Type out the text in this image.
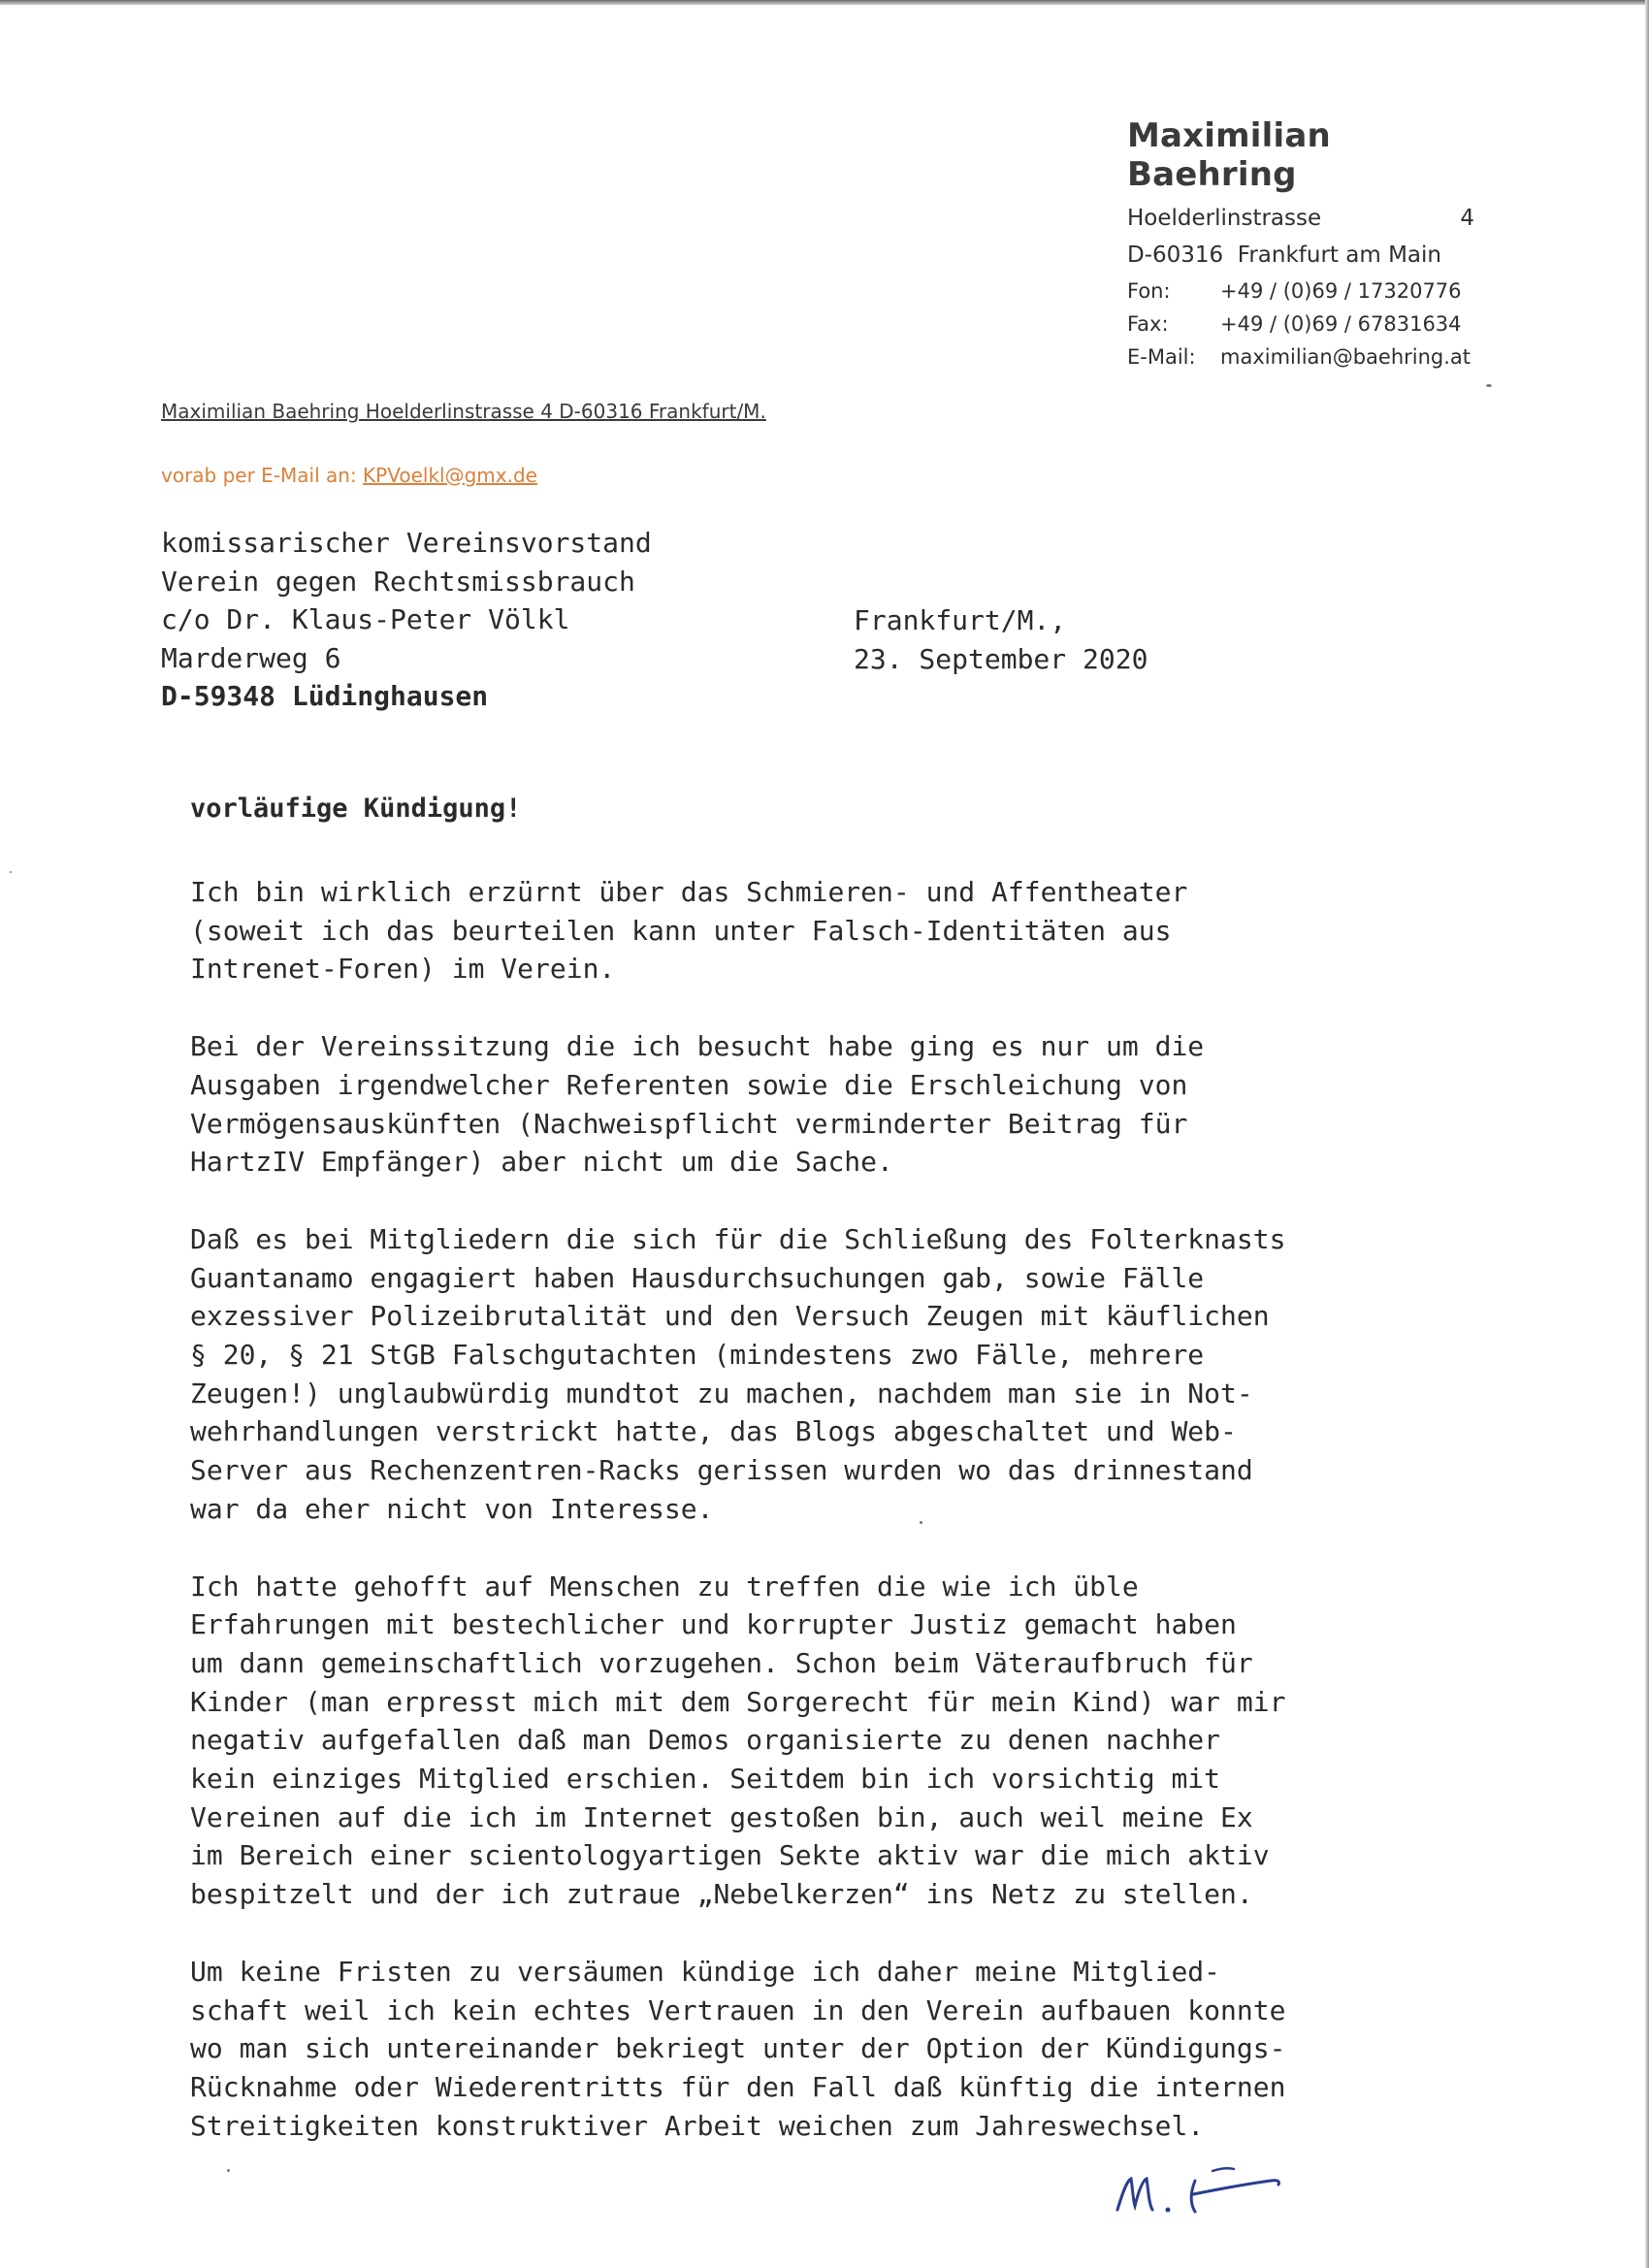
Maximilian Baehring
Hoelderlinstrasse	4
D-60316  Frankfurt am Main
Fon:	+49 / (0)69 / 17320776
Fax:	+49 / (0)69 / 67831634
E-Mail:	maximilian@baehring.at
Maximilian Baehring Hoelderlinstrasse 4 D-60316 Frankfurt/M.
vorab per E-Mail an: KPVoelkl@gmx.de
komissarischer Vereinsvorstand
Verein gegen Rechtsmissbrauch
c/o Dr. Klaus-Peter Völkl
Marderweg 6
D-59348 Lüdinghausen
Frankfurt/M.,
23. September 2020
vorläufige Kündigung!
Ich bin wirklich erzürnt über das Schmieren- und Affentheater
(soweit ich das beurteilen kann unter Falsch-Identitäten aus
Intrenet-Foren) im Verein.
Bei der Vereinssitzung die ich besucht habe ging es nur um die
Ausgaben irgendwelcher Referenten sowie die Erschleichung von
Vermögensauskünften (Nachweispflicht verminderter Beitrag für
HartzIV Empfänger) aber nicht um die Sache.
Daß es bei Mitgliedern die sich für die Schließung des Folterknasts
Guantanamo engagiert haben Hausdurchsuchungen gab, sowie Fälle
exzessiver Polizeibrutalität und den Versuch Zeugen mit käuflichen
§ 20, § 21 StGB Falschgutachten (mindestens zwo Fälle, mehrere
Zeugen!) unglaubwürdig mundtot zu machen, nachdem man sie in Not-
wehrhandlungen verstrickt hatte, das Blogs abgeschaltet und Web-
Server aus Rechenzentren-Racks gerissen wurden wo das drinnestand
war da eher nicht von Interesse.
Ich hatte gehofft auf Menschen zu treffen die wie ich üble
Erfahrungen mit bestechlicher und korrupter Justiz gemacht haben
um dann gemeinschaftlich vorzugehen. Schon beim Väteraufbruch für
Kinder (man erpresst mich mit dem Sorgerecht für mein Kind) war mir
negativ aufgefallen daß man Demos organisierte zu denen nachher
kein einziges Mitglied erschien. Seitdem bin ich vorsichtig mit
Vereinen auf die ich im Internet gestoßen bin, auch weil meine Ex
im Bereich einer scientologyartigen Sekte aktiv war die mich aktiv
bespitzelt und der ich zutraue „Nebelkerzen“ ins Netz zu stellen.
Um keine Fristen zu versäumen kündige ich daher meine Mitglied-
schaft weil ich kein echtes Vertrauen in den Verein aufbauen konnte
wo man sich untereinander bekriegt unter der Option der Kündigungs-
Rücknahme oder Wiederentritts für den Fall daß künftig die internen
Streitigkeiten konstruktiver Arbeit weichen zum Jahreswechsel.
